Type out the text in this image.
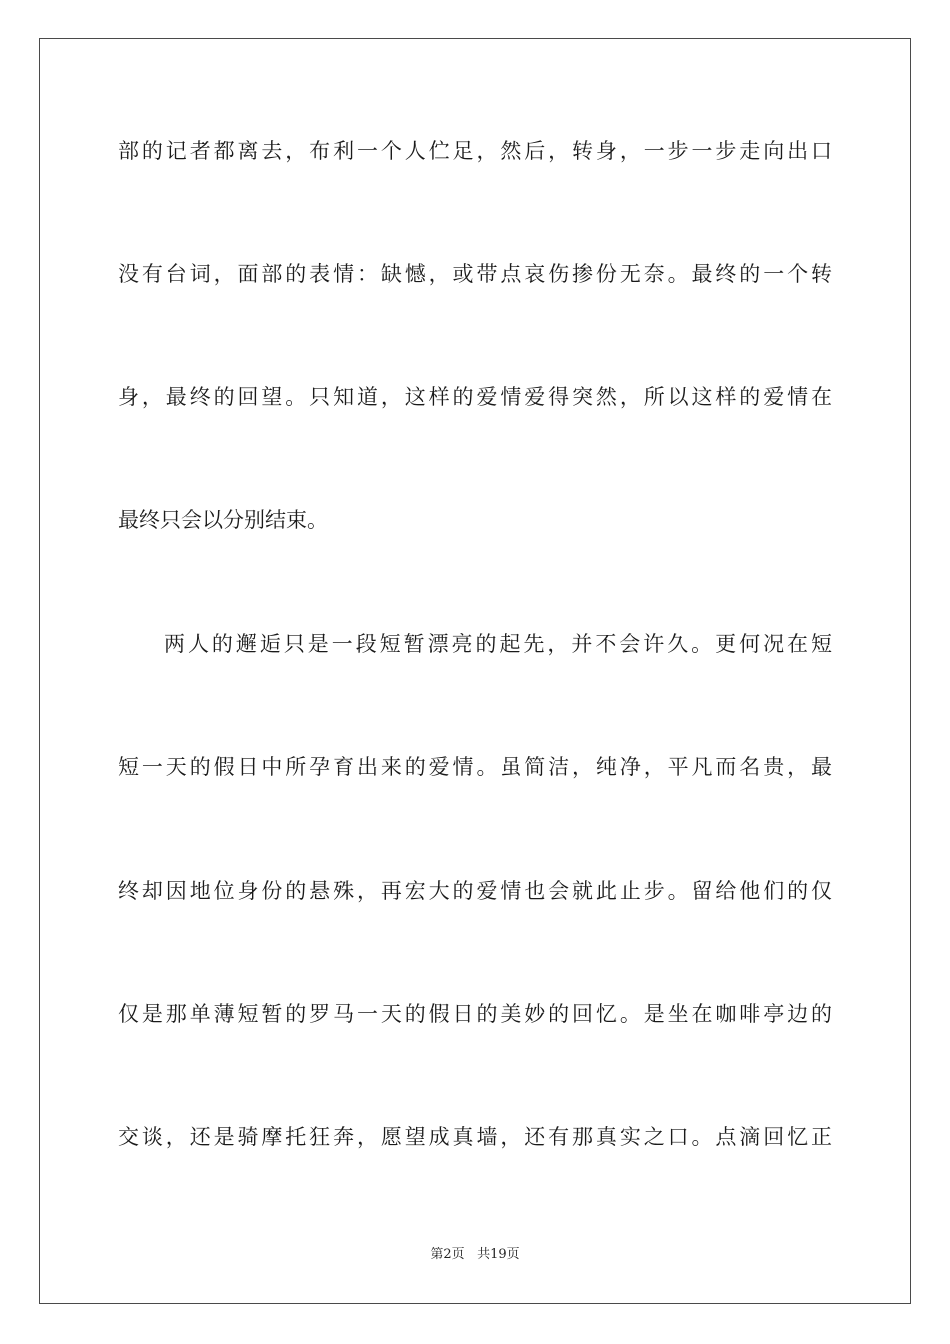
部的记者都离去，布利一个人伫足，然后，转身，一步一步走向出口
没有台词，面部的表情：缺憾，或带点哀伤掺份无奈。最终的一个转
身，最终的回望。只知道，这样的爱情爱得突然，所以这样的爱情在
最终只会以分别结束。
两人的邂逅只是一段短暂漂亮的起先，并不会许久。更何况在短
短一天的假日中所孕育出来的爱情。虽简洁，纯净，平凡而名贵，最
终却因地位身份的悬殊，再宏大的爱情也会就此止步。留给他们的仅
仅是那单薄短暂的罗马一天的假日的美妙的回忆。是坐在咖啡亭边的
交谈，还是骑摩托狂奔，愿望成真墙，还有那真实之口。点滴回忆正
第2页 共19页
